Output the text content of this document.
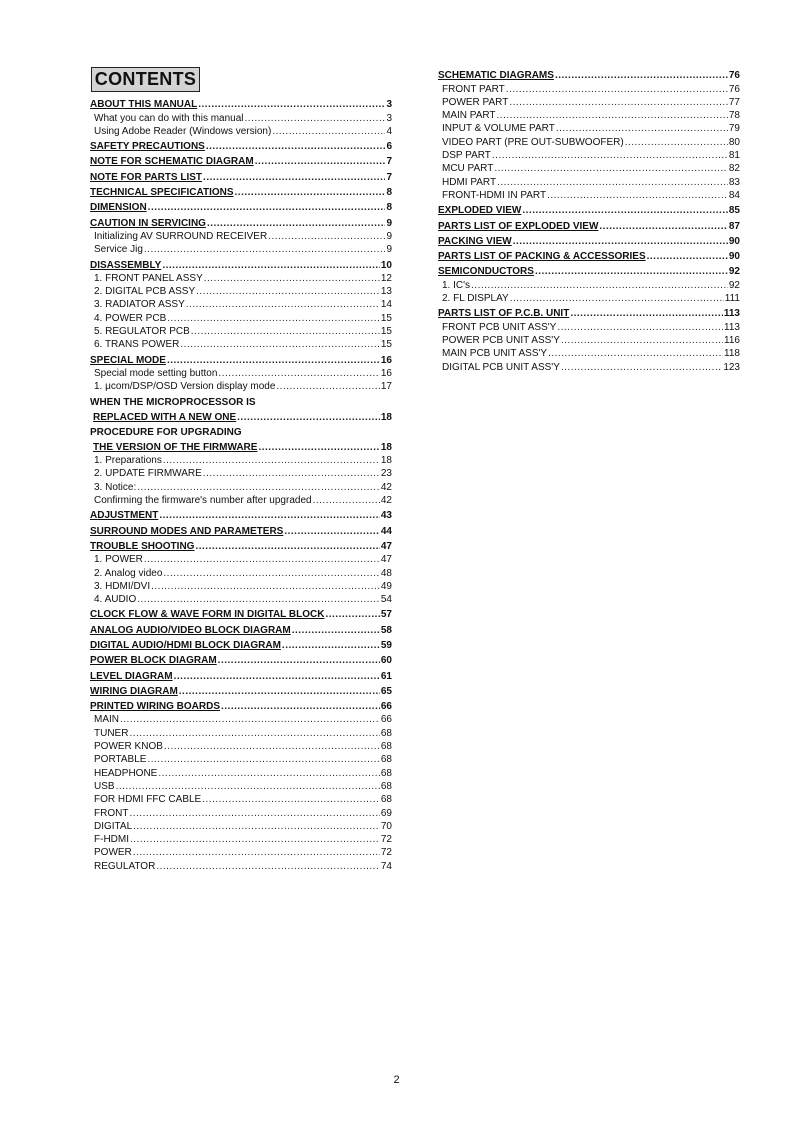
CONTENTS
ABOUT THIS MANUAL .....	3
What you can do with this manual .....	3
Using Adobe Reader (Windows version) .....	4
SAFETY PRECAUTIONS .....	6
NOTE FOR SCHEMATIC DIAGRAM .....	7
NOTE FOR PARTS LIST .....	7
TECHNICAL SPECIFICATIONS .....	8
DIMENSION .....	8
CAUTION IN SERVICING .....	9
Initializing AV SURROUND RECEIVER .....	9
Service Jig .....	9
DISASSEMBLY .....	10
1. FRONT PANEL ASSY .....	12
2. DIGITAL PCB ASSY .....	13
3. RADIATOR ASSY .....	14
4. POWER PCB .....	15
5. REGULATOR PCB .....	15
6. TRANS POWER .....	15
SPECIAL MODE .....	16
Special mode setting button .....	16
1. μcom/DSP/OSD Version display mode .....	17
WHEN THE MICROPROCESSOR IS
REPLACED WITH A NEW ONE .....	18
PROCEDURE FOR UPGRADING
THE VERSION OF THE FIRMWARE .....	18
1. Preparations .....	18
2. UPDATE FIRMWARE .....	23
3. Notice: .....	42
Confirming the firmware's number after upgraded .....	42
ADJUSTMENT .....	43
SURROUND MODES AND PARAMETERS .....	44
TROUBLE SHOOTING .....	47
1. POWER .....	47
2. Analog video .....	48
3. HDMI/DVI .....	49
4. AUDIO .....	54
CLOCK FLOW & WAVE FORM IN DIGITAL BLOCK .....	57
ANALOG AUDIO/VIDEO BLOCK DIAGRAM .....	58
DIGITAL AUDIO/HDMI BLOCK DIAGRAM .....	59
POWER BLOCK DIAGRAM .....	60
LEVEL DIAGRAM .....	61
WIRING DIAGRAM .....	65
PRINTED WIRING BOARDS .....	66
MAIN .....	66
TUNER .....	68
POWER KNOB .....	68
PORTABLE .....	68
HEADPHONE .....	68
USB .....	68
FOR HDMI FFC CABLE .....	68
FRONT .....	69
DIGITAL .....	70
F-HDMI .....	72
POWER .....	72
REGULATOR .....	74
SCHEMATIC DIAGRAMS .....	76
FRONT PART .....	76
POWER PART .....	77
MAIN PART .....	78
INPUT & VOLUME PART .....	79
VIDEO PART (PRE OUT-SUBWOOFER) .....	80
DSP PART .....	81
MCU PART .....	82
HDMI PART .....	83
FRONT-HDMI IN PART .....	84
EXPLODED VIEW .....	85
PARTS LIST OF EXPLODED VIEW .....	87
PACKING VIEW .....	90
PARTS LIST OF PACKING & ACCESSORIES .....	90
SEMICONDUCTORS .....	92
1. IC's .....	92
2. FL DISPLAY .....	111
PARTS LIST OF P.C.B. UNIT .....	113
FRONT PCB UNIT ASS'Y .....	113
POWER PCB UNIT ASS'Y .....	116
MAIN PCB UNIT ASS'Y .....	118
DIGITAL PCB UNIT ASS'Y .....	123
2
